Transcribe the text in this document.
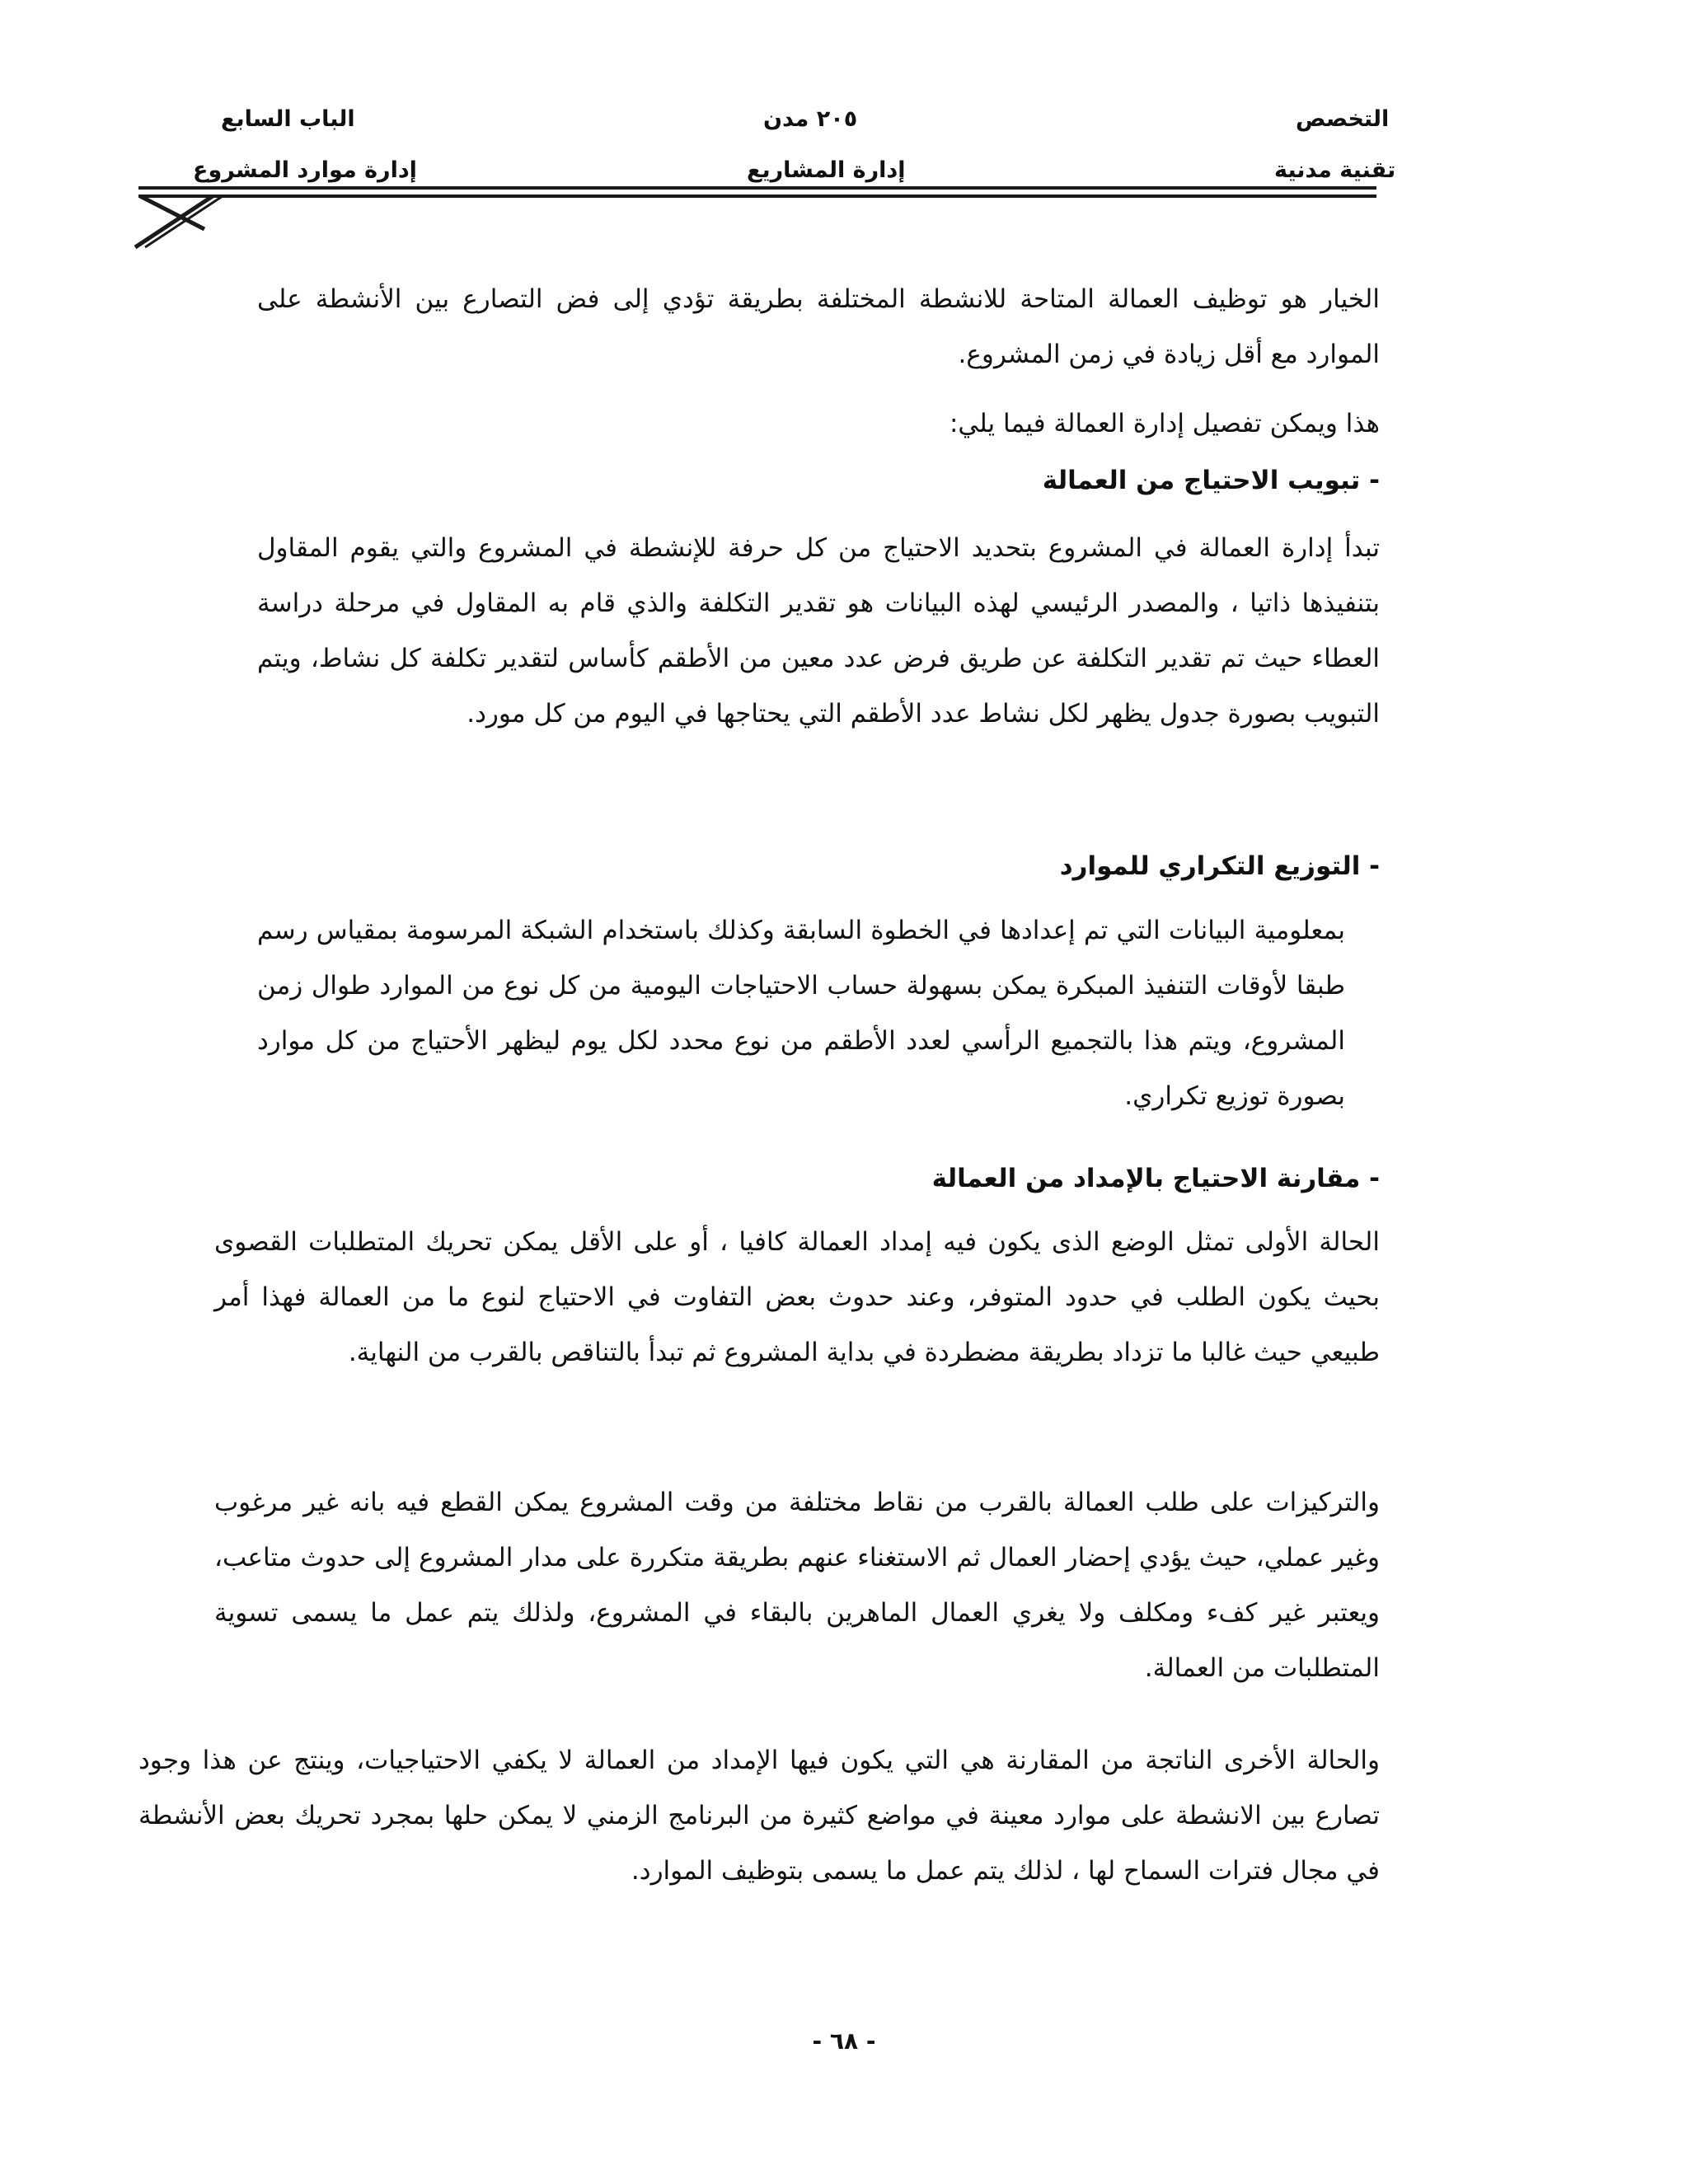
التخصص
تقنية مدنية
٢٠٥ مدن
إدارة المشاريع
الباب السابع
إدارة موارد المشروع

الخيار هو توظيف العمالة المتاحة للانشطة المختلفة بطريقة تؤدي إلى فض التصارع بين الأنشطة على الموارد مع أقل زيادة في زمن المشروع.

هذا ويمكن تفصيل إدارة العمالة فيما يلي:

- تبويب الاحتياج من العمالة

تبدأ إدارة العمالة في المشروع بتحديد الاحتياج من كل حرفة للإنشطة في المشروع والتي يقوم المقاول بتنفيذها ذاتيا ، والمصدر الرئيسي لهذه البيانات هو تقدير التكلفة والذي قام به المقاول في مرحلة دراسة العطاء حيث تم تقدير التكلفة عن طريق فرض عدد معين من الأطقم كأساس لتقدير تكلفة كل نشاط، ويتم التبويب بصورة جدول يظهر لكل نشاط عدد الأطقم التي يحتاجها في اليوم من كل مورد.

- التوزيع التكراري للموارد

بمعلومية البيانات التي تم إعدادها في الخطوة السابقة وكذلك باستخدام الشبكة المرسومة بمقياس رسم طبقا لأوقات التنفيذ المبكرة يمكن بسهولة حساب الاحتياجات اليومية من كل نوع من الموارد طوال زمن المشروع، ويتم هذا بالتجميع الرأسي لعدد الأطقم من نوع محدد لكل يوم ليظهر الأحتياج من كل موارد بصورة توزيع تكراري.

- مقارنة الاحتياج بالإمداد من العمالة

الحالة الأولى تمثل الوضع الذى يكون فيه إمداد العمالة كافيا ، أو على الأقل يمكن تحريك المتطلبات القصوى بحيث يكون الطلب في حدود المتوفر، وعند حدوث بعض التفاوت في الاحتياج لنوع ما من العمالة فهذا أمر طبيعي حيث غالبا ما تزداد بطريقة مضطردة في بداية المشروع ثم تبدأ بالتناقص بالقرب من النهاية.

والتركيزات على طلب العمالة بالقرب من نقاط مختلفة من وقت المشروع يمكن القطع فيه بانه غير مرغوب وغير عملي، حيث يؤدي إحضار العمال ثم الاستغناء عنهم بطريقة متكررة على مدار المشروع إلى حدوث متاعب، ويعتبر غير كفء ومكلف ولا يغري العمال الماهرين بالبقاء في المشروع، ولذلك يتم عمل ما يسمى تسوية المتطلبات من العمالة.

والحالة الأخرى الناتجة من المقارنة هي التي يكون فيها الإمداد من العمالة لا يكفي الاحتياجيات، وينتج عن هذا وجود تصارع بين الانشطة على موارد معينة في مواضع كثيرة من البرنامج الزمني لا يمكن حلها بمجرد تحريك بعض الأنشطة في مجال فترات السماح لها ، لذلك يتم عمل ما يسمى بتوظيف الموارد.

- ٦٨ -
